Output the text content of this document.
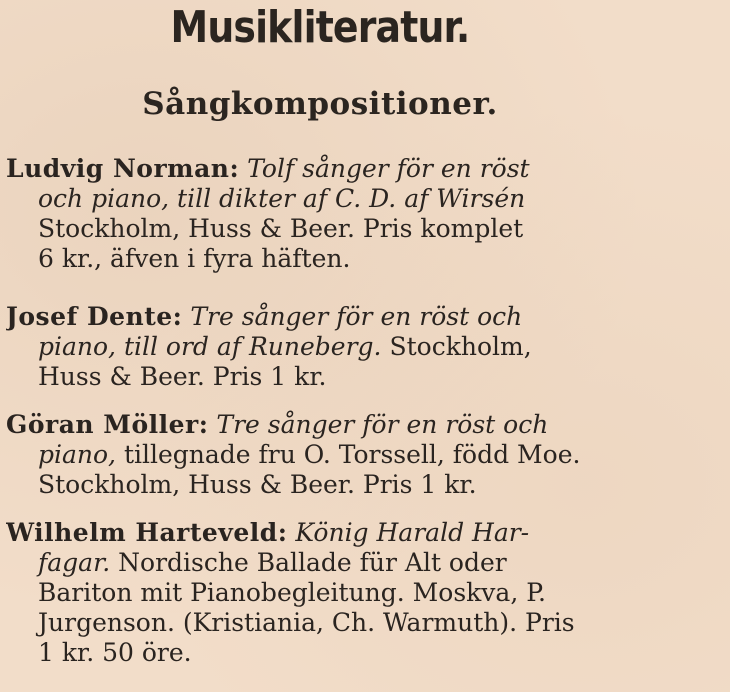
Musikliteratur.
Sångkompositioner.
Ludvig Norman: Tolf sånger för en röst
och piano, till dikter af C. D. af Wirsén
Stockholm, Huss & Beer. Pris komplet
6 kr., äfven i fyra häften.
Josef Dente: Tre sånger för en röst och
piano, till ord af Runeberg. Stockholm,
Huss & Beer. Pris 1 kr.
Göran Möller: Tre sånger för en röst och
piano, tillegnade fru O. Torssell, född Moe.
Stockholm, Huss & Beer. Pris 1 kr.
Wilhelm Harteveld: König Harald Har-
fagar. Nordische Ballade für Alt oder
Bariton mit Pianobegleitung. Moskva, P.
Jurgenson. (Kristiania, Ch. Warmuth). Pris
1 kr. 50 öre.
